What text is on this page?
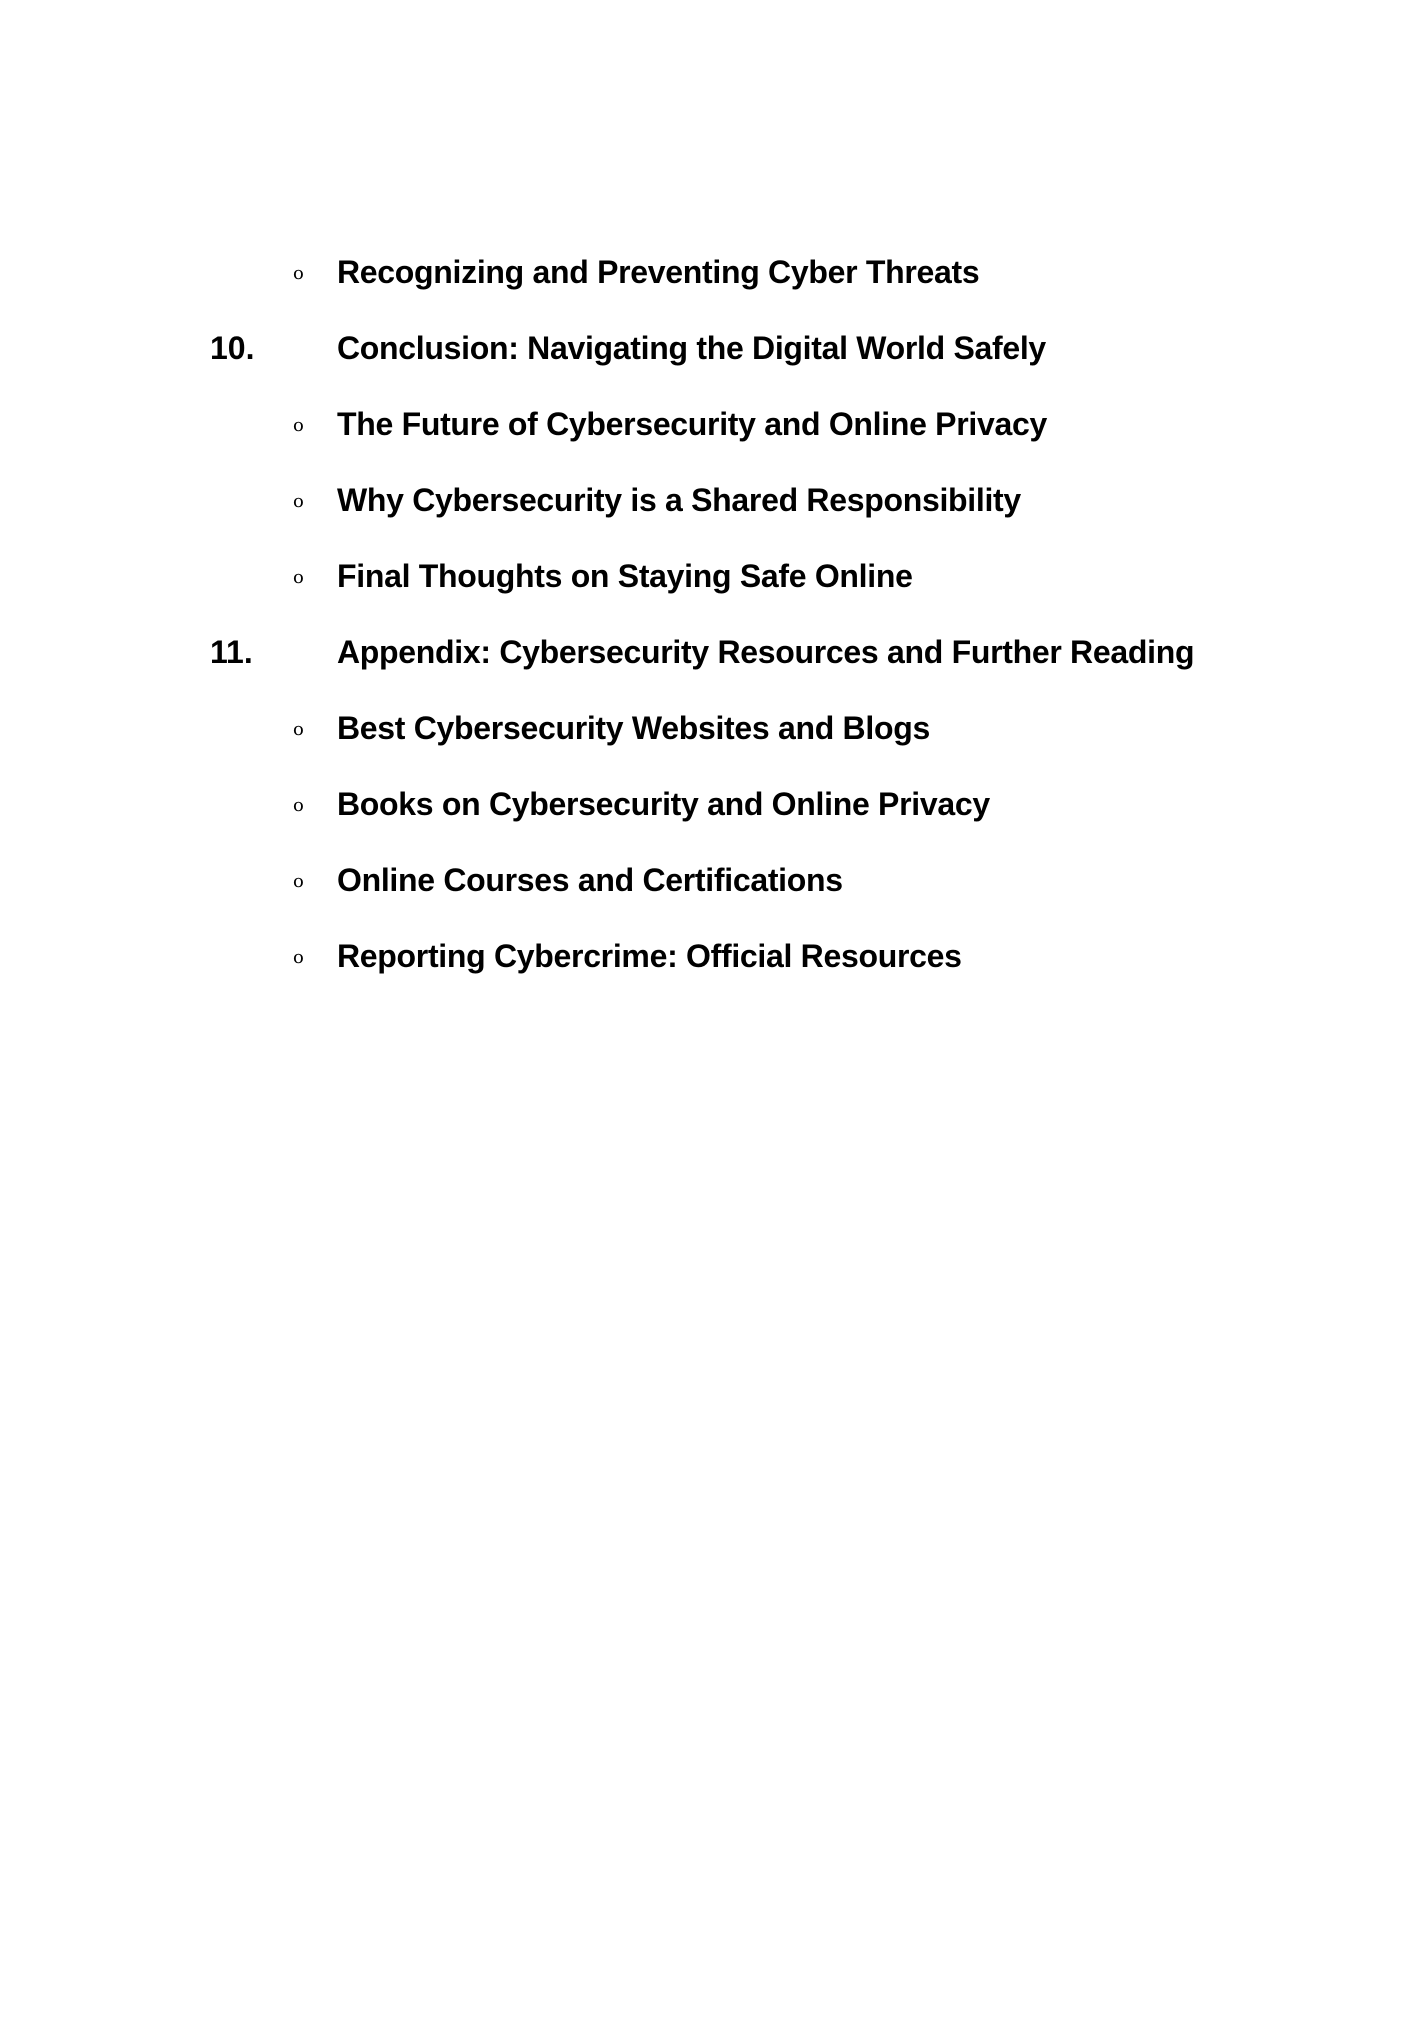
o Recognizing and Preventing Cyber Threats
10.	Conclusion: Navigating the Digital World Safely
o The Future of Cybersecurity and Online Privacy
o Why Cybersecurity is a Shared Responsibility
o Final Thoughts on Staying Safe Online
11.	Appendix: Cybersecurity Resources and Further Reading
o Best Cybersecurity Websites and Blogs
o Books on Cybersecurity and Online Privacy
o Online Courses and Certifications
o Reporting Cybercrime: Official Resources
